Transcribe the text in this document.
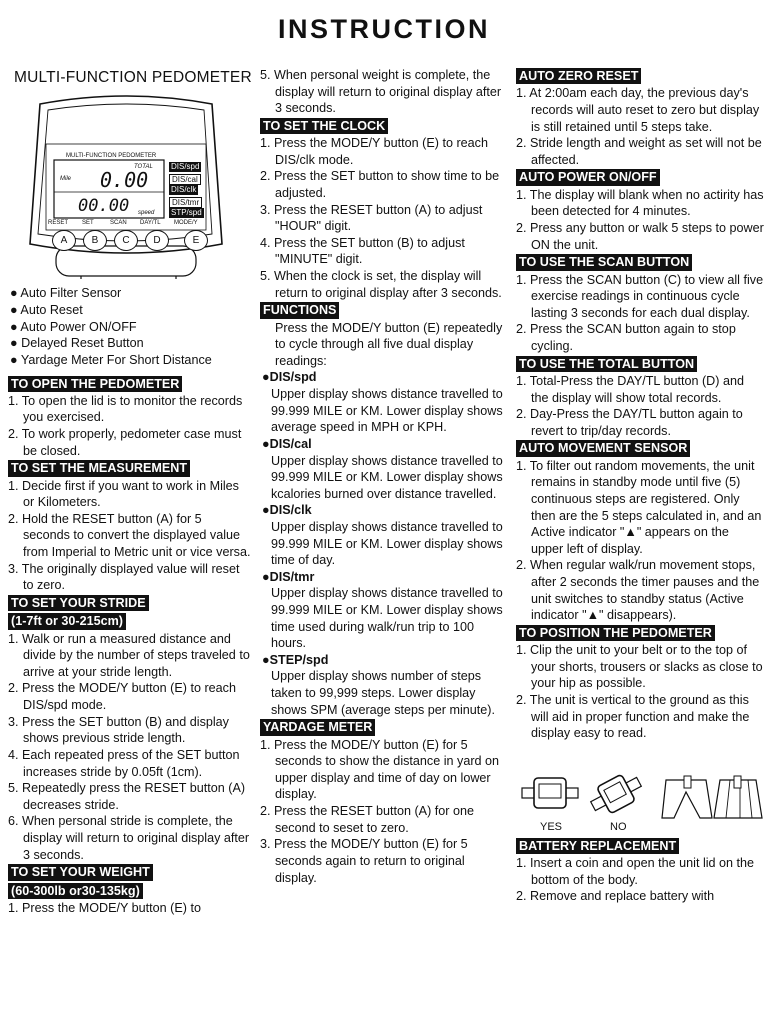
INSTRUCTION
MULTI-FUNCTION PEDOMETER
MULTI-FUNCTION PEDOMETER
TOTAL
Mile 0.00
00.00 speed
DIS/spd
DIS/cal
DIS/clk
DIS/tmr
STP/spd
RESET SET	SCAN DAY/TL MODE/Y
A	B	C	D	E
● Auto Filter Sensor
● Auto Reset
● Auto Power ON/OFF
● Delayed Reset Button
● Yardage Meter For Short Distance
TO OPEN THE PEDOMETER
1. To open the lid is to monitor the records you exercised.
2. To work properly, pedometer case must be closed.
TO SET THE MEASUREMENT
1. Decide first if you want to work in Miles or Kilometers.
2. Hold the RESET button (A) for 5 seconds to convert the displayed value from Imperial to Metric unit or vice versa.
3. The originally displayed value will reset to zero.
TO SET YOUR STRIDE
(1-7ft or 30-215cm)
1. Walk or run a measured distance and divide by the number of steps traveled to arrive at your stride length.
2. Press the MODE/Y button (E) to reach DIS/spd mode.
3. Press the SET button (B) and display shows previous stride length.
4. Each repeated press of the SET button increases stride by 0.05ft (1cm).
5. Repeatedly press the RESET button (A) decreases stride.
6. When personal stride is complete, the display will return to original display after 3 seconds.
TO SET YOUR WEIGHT
(60-300lb or30-135kg)
1. Press the MODE/Y button (E) to
5. When personal weight is complete, the display will return to original display after 3 seconds.
TO SET THE CLOCK
1. Press the MODE/Y button (E) to reach DIS/clk mode.
2. Press the SET button to show time to be adjusted.
3. Press the RESET button (A) to adjust "HOUR" digit.
4. Press the SET button (B) to adjust "MINUTE" digit.
5. When the clock is set, the display will return to original display after 3 seconds.
FUNCTIONS
Press the MODE/Y button (E) repeatedly to cycle through all five dual display readings:
●DIS/spd
Upper display shows distance travelled to 99.999 MILE or KM. Lower display shows average speed in MPH or KPH.
●DIS/cal
Upper display shows distance travelled to 99.999 MILE or KM. Lower display shows kcalories burned over distance travelled.
●DIS/clk
Upper display shows distance travelled to 99.999 MILE or KM. Lower display shows time of day.
●DIS/tmr
Upper display shows distance travelled to 99.999 MILE or KM. Lower display shows time used during walk/run trip to 100 hours.
●STEP/spd
Upper display shows number of steps taken to 99,999 steps. Lower display shows SPM (average steps per minute).
YARDAGE METER
1. Press the MODE/Y button (E) for 5 seconds to show the distance in yard on upper display and time of day on lower display.
2. Press the RESET button (A) for one second to seset to zero.
3. Press the MODE/Y button (E) for 5 seconds again to return to original display.
AUTO ZERO RESET
1. At 2:00am each day, the previous day's records will auto reset to zero but display is still retained until 5 steps take.
2. Stride length and weight as set will not be affected.
AUTO POWER ON/OFF
1. The display will blank when no actirity has been detected for 4 minutes.
2. Press any button or walk 5 steps to power ON the unit.
TO USE THE SCAN BUTTON
1. Press the SCAN button (C) to view all five exercise readings in continuous cycle lasting 3 seconds for each dual display.
2. Press the SCAN button again to stop cycling.
TO USE THE TOTAL BUTTON
1. Total-Press the DAY/TL button (D) and the display will show total records.
2. Day-Press the DAY/TL button again to revert to trip/day records.
AUTO MOVEMENT SENSOR
1. To filter out random movements, the unit remains in standby mode until five (5) continuous steps are registered. Only then are the 5 steps calculated in, and an Active indicator "▲" appears on the upper left of display.
2. When regular walk/run movement stops, after 2 seconds the timer pauses and the unit switches to standby status (Active indicator "▲" disappears).
TO POSITION THE PEDOMETER
1. Clip the unit to your belt or to the top of your shorts, trousers or slacks as close to your hip as possible.
2. The unit is vertical to the ground as this will aid in proper function and make the display easy to read.
YES	NO
BATTERY REPLACEMENT
1. Insert a coin and open the unit lid on the bottom of the body.
2. Remove and replace battery with
